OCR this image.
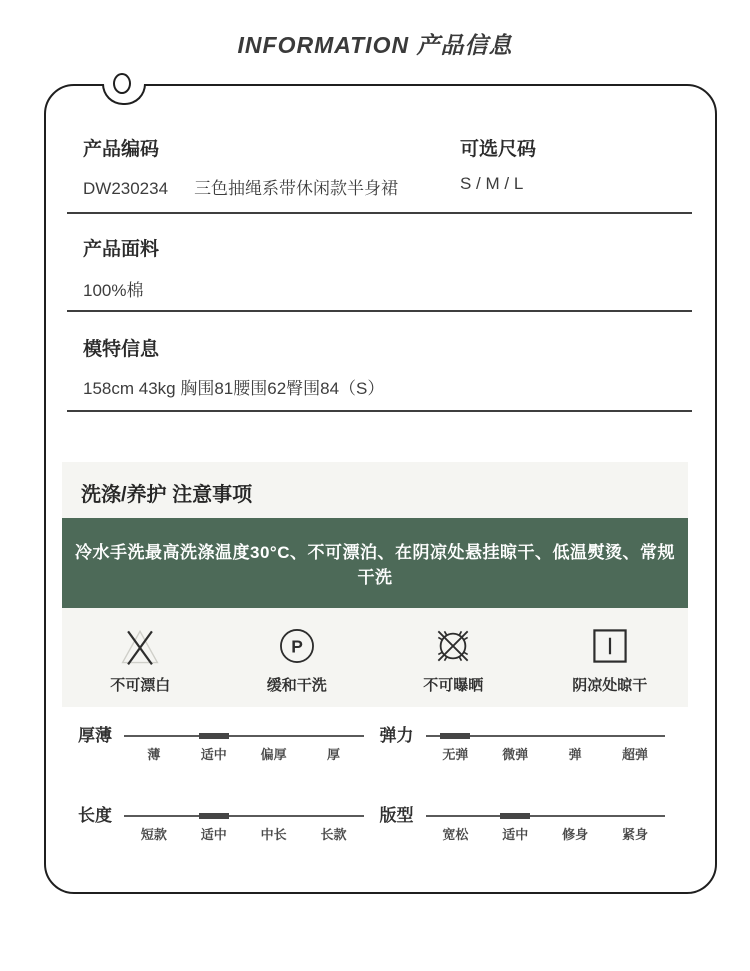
INFORMATION 产品信息
产品编码	可选尺码
DW230234 三色抽绳系带休闲款半身裙	S / M / L
产品面料
100%棉
模特信息
158cm 43kg 胸围81腰围62臀围84（S）
洗涤/养护 注意事项
冷水手洗最高洗涤温度30°C、不可漂泊、在阴凉处悬挂晾干、低温熨烫、常规干洗
不可漂白
P
缓和干洗	不可曝晒	阴凉处晾干
厚薄
薄	适中	偏厚	厚
弹力
无弹	微弹	弹	超弹
长度
短款	适中	中长	长款
版型
宽松	适中	修身	紧身
